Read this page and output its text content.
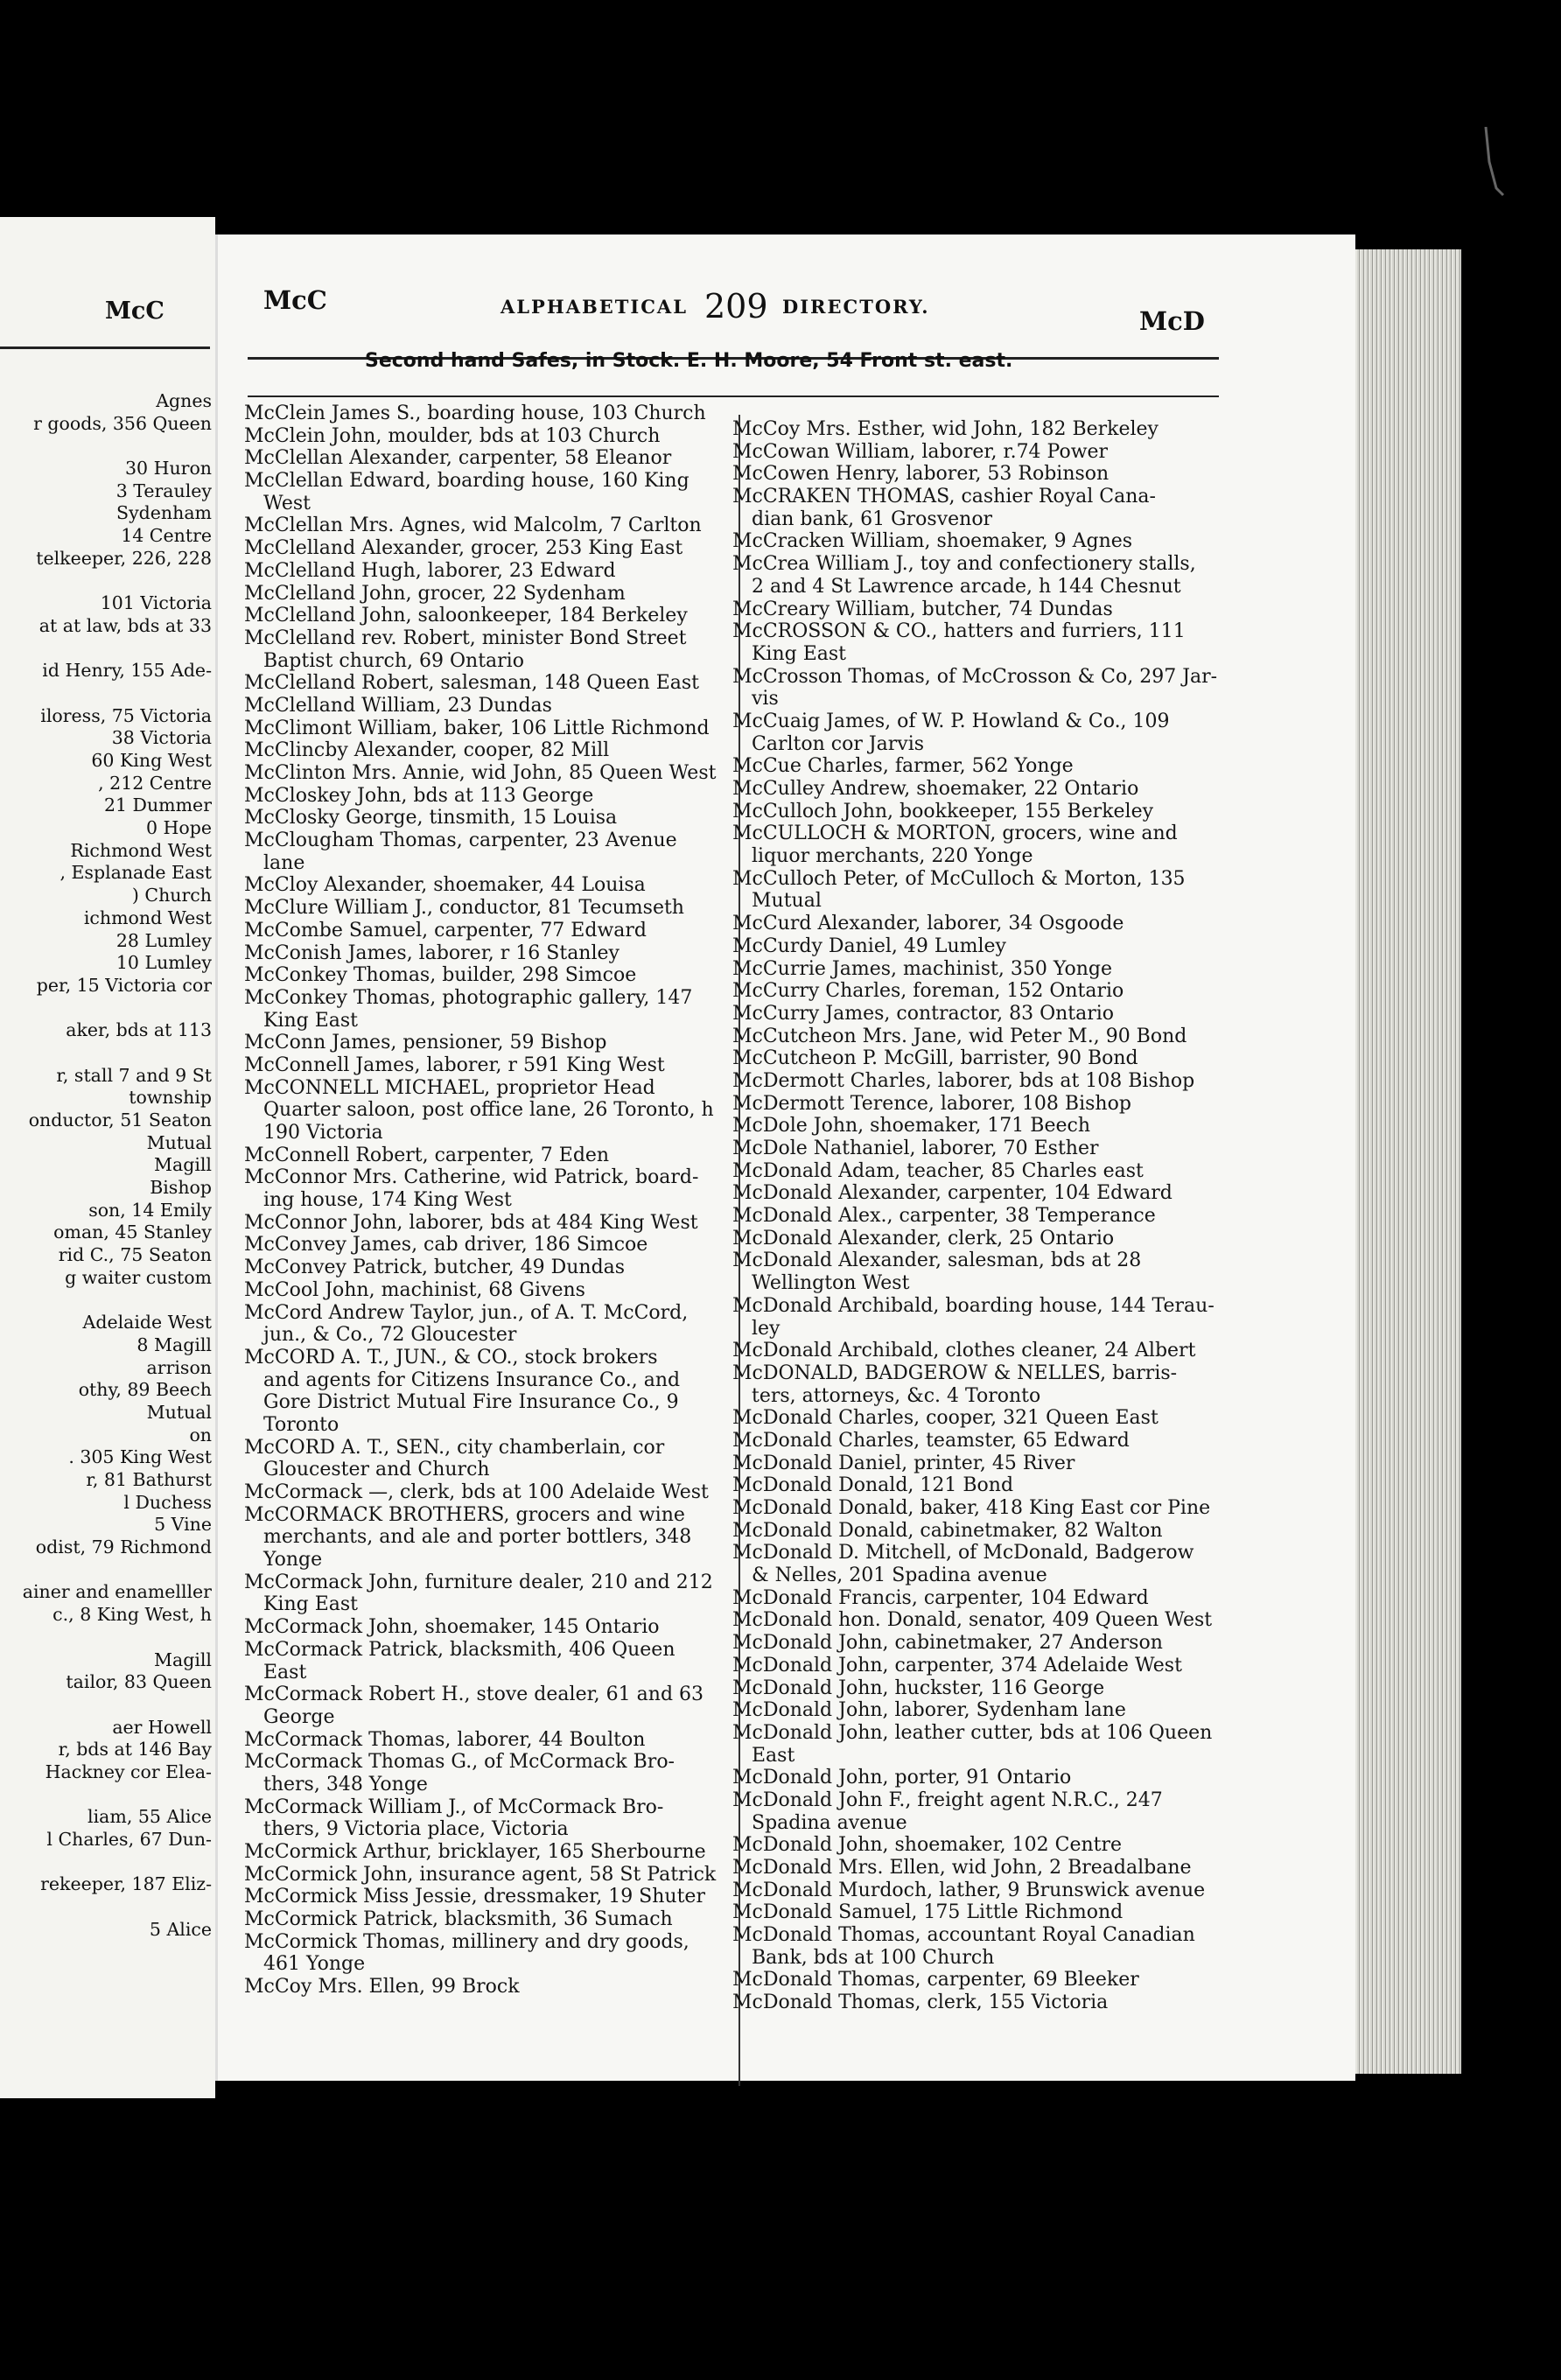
McC
Agnes
r goods, 356 Queen
30 Huron
3 Terauley
Sydenham
14 Centre
telkeeper, 226, 228
101 Victoria
at at law, bds at 33
id Henry, 155 Ade-
iloress, 75 Victoria
38 Victoria
60 King West
, 212 Centre
21 Dummer
0 Hope
Richmond West
, Esplanade East
) Church
ichmond West
28 Lumley
10 Lumley
per, 15 Victoria cor
aker, bds at 113
r, stall 7 and 9 St
township
onductor, 51 Seaton
Mutual
Magill
Bishop
son, 14 Emily
oman, 45 Stanley
rid C., 75 Seaton
g waiter custom
Adelaide West
8 Magill
arrison
othy, 89 Beech
Mutual
on
. 305 King West
r, 81 Bathurst
l Duchess
5 Vine
odist, 79 Richmond
ainer and enamelller
c., 8 King West, h
Magill
tailor, 83 Queen
aer Howell
r, bds at 146 Bay
Hackney cor Elea-
liam, 55 Alice
l Charles, 67 Dun-
rekeeper, 187 Eliz-
5 Alice
McC	ALPHABETICAL 209 DIRECTORY.	McD
Second hand Safes, in Stock. E. H. Moore, 54 Front st. east.
McClein James S., boarding house, 103 Church
McClein John, moulder, bds at 103 Church
McClellan Alexander, carpenter, 58 Eleanor
McClellan Edward, boarding house, 160 King
West
McClellan Mrs. Agnes, wid Malcolm, 7 Carlton
McClelland Alexander, grocer, 253 King East
McClelland Hugh, laborer, 23 Edward
McClelland John, grocer, 22 Sydenham
McClelland John, saloonkeeper, 184 Berkeley
McClelland rev. Robert, minister Bond Street
Baptist church, 69 Ontario
McClelland Robert, salesman, 148 Queen East
McClelland William, 23 Dundas
McClimont William, baker, 106 Little Richmond
McClincby Alexander, cooper, 82 Mill
McClinton Mrs. Annie, wid John, 85 Queen West
McCloskey John, bds at 113 George
McClosky George, tinsmith, 15 Louisa
McClougham Thomas, carpenter, 23 Avenue
lane
McCloy Alexander, shoemaker, 44 Louisa
McClure William J., conductor, 81 Tecumseth
McCombe Samuel, carpenter, 77 Edward
McConish James, laborer, r 16 Stanley
McConkey Thomas, builder, 298 Simcoe
McConkey Thomas, photographic gallery, 147
King East
McConn James, pensioner, 59 Bishop
McConnell James, laborer, r 591 King West
McCONNELL MICHAEL, proprietor Head
Quarter saloon, post office lane, 26 Toronto, h
190 Victoria
McConnell Robert, carpenter, 7 Eden
McConnor Mrs. Catherine, wid Patrick, board-
ing house, 174 King West
McConnor John, laborer, bds at 484 King West
McConvey James, cab driver, 186 Simcoe
McConvey Patrick, butcher, 49 Dundas
McCool John, machinist, 68 Givens
McCord Andrew Taylor, jun., of A. T. McCord,
jun., & Co., 72 Gloucester
McCORD A. T., JUN., & CO., stock brokers
and agents for Citizens Insurance Co., and
Gore District Mutual Fire Insurance Co., 9
Toronto
McCORD A. T., SEN., city chamberlain, cor
Gloucester and Church
McCormack —, clerk, bds at 100 Adelaide West
McCORMACK BROTHERS, grocers and wine
merchants, and ale and porter bottlers, 348
Yonge
McCormack John, furniture dealer, 210 and 212
King East
McCormack John, shoemaker, 145 Ontario
McCormack Patrick, blacksmith, 406 Queen
East
McCormack Robert H., stove dealer, 61 and 63
George
McCormack Thomas, laborer, 44 Boulton
McCormack Thomas G., of McCormack Bro-
thers, 348 Yonge
McCormack William J., of McCormack Bro-
thers, 9 Victoria place, Victoria
McCormick Arthur, bricklayer, 165 Sherbourne
McCormick John, insurance agent, 58 St Patrick
McCormick Miss Jessie, dressmaker, 19 Shuter
McCormick Patrick, blacksmith, 36 Sumach
McCormick Thomas, millinery and dry goods,
461 Yonge
McCoy Mrs. Ellen, 99 Brock
McCoy Mrs. Esther, wid John, 182 Berkeley
McCowan William, laborer, r.74 Power
McCowen Henry, laborer, 53 Robinson
McCRAKEN THOMAS, cashier Royal Cana-
dian bank, 61 Grosvenor
McCracken William, shoemaker, 9 Agnes
McCrea William J., toy and confectionery stalls,
2 and 4 St Lawrence arcade, h 144 Chesnut
McCreary William, butcher, 74 Dundas
McCROSSON & CO., hatters and furriers, 111
King East
McCrosson Thomas, of McCrosson & Co, 297 Jar-
vis
McCuaig James, of W. P. Howland & Co., 109
Carlton cor Jarvis
McCue Charles, farmer, 562 Yonge
McCulley Andrew, shoemaker, 22 Ontario
McCulloch John, bookkeeper, 155 Berkeley
McCULLOCH & MORTON, grocers, wine and
liquor merchants, 220 Yonge
McCulloch Peter, of McCulloch & Morton, 135
Mutual
McCurd Alexander, laborer, 34 Osgoode
McCurdy Daniel, 49 Lumley
McCurrie James, machinist, 350 Yonge
McCurry Charles, foreman, 152 Ontario
McCurry James, contractor, 83 Ontario
McCutcheon Mrs. Jane, wid Peter M., 90 Bond
McCutcheon P. McGill, barrister, 90 Bond
McDermott Charles, laborer, bds at 108 Bishop
McDermott Terence, laborer, 108 Bishop
McDole John, shoemaker, 171 Beech
McDole Nathaniel, laborer, 70 Esther
McDonald Adam, teacher, 85 Charles east
McDonald Alexander, carpenter, 104 Edward
McDonald Alex., carpenter, 38 Temperance
McDonald Alexander, clerk, 25 Ontario
McDonald Alexander, salesman, bds at 28
Wellington West
McDonald Archibald, boarding house, 144 Terau-
ley
McDonald Archibald, clothes cleaner, 24 Albert
McDONALD, BADGEROW & NELLES, barris-
ters, attorneys, &c. 4 Toronto
McDonald Charles, cooper, 321 Queen East
McDonald Charles, teamster, 65 Edward
McDonald Daniel, printer, 45 River
McDonald Donald, 121 Bond
McDonald Donald, baker, 418 King East cor Pine
McDonald Donald, cabinetmaker, 82 Walton
McDonald D. Mitchell, of McDonald, Badgerow
& Nelles, 201 Spadina avenue
McDonald Francis, carpenter, 104 Edward
McDonald hon. Donald, senator, 409 Queen West
McDonald John, cabinetmaker, 27 Anderson
McDonald John, carpenter, 374 Adelaide West
McDonald John, huckster, 116 George
McDonald John, laborer, Sydenham lane
McDonald John, leather cutter, bds at 106 Queen
East
McDonald John, porter, 91 Ontario
McDonald John F., freight agent N.R.C., 247
Spadina avenue
McDonald John, shoemaker, 102 Centre
McDonald Mrs. Ellen, wid John, 2 Breadalbane
McDonald Murdoch, lather, 9 Brunswick avenue
McDonald Samuel, 175 Little Richmond
McDonald Thomas, accountant Royal Canadian
Bank, bds at 100 Church
McDonald Thomas, carpenter, 69 Bleeker
McDonald Thomas, clerk, 155 Victoria
